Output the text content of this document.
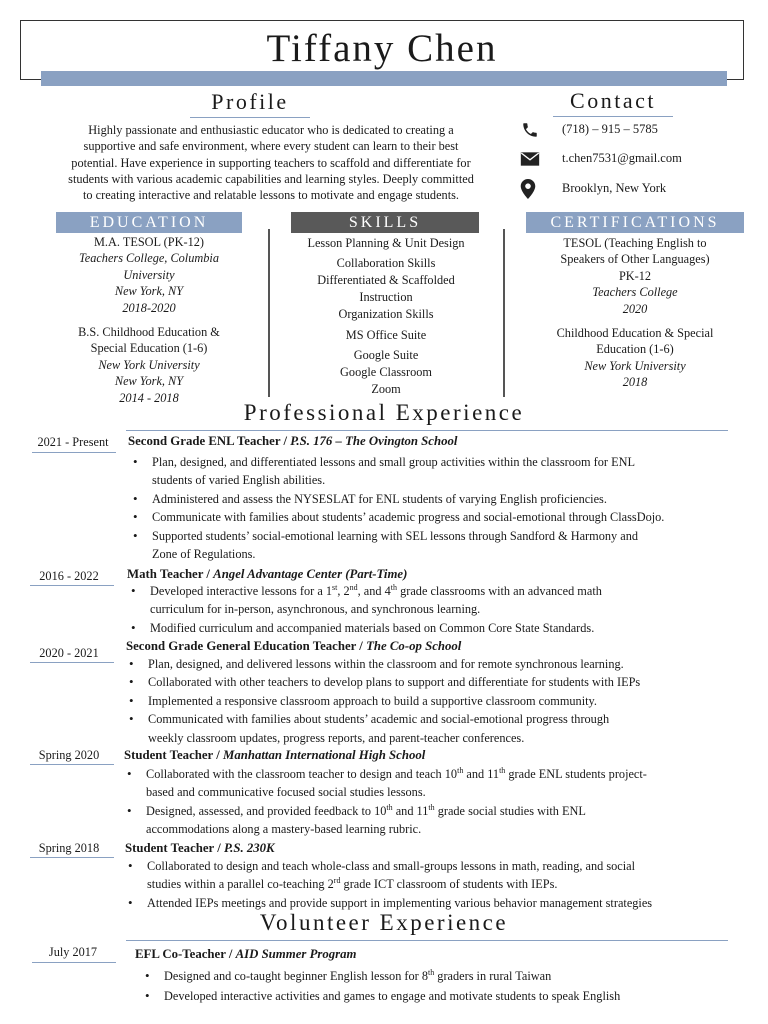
Tiffany Chen
Profile
Highly passionate and enthusiastic educator who is dedicated to creating a
supportive and safe environment, where every student can learn to their best
potential. Have experience in supporting teachers to scaffold and differentiate for
students with various academic capabilities and learning styles. Deeply committed
to creating interactive and relatable lessons to motivate and engage students.
Contact
(718) – 915 – 5785
t.chen7531@gmail.com
Brooklyn, New York
EDUCATION	SKILLS	CERTIFICATIONS
M.A. TESOL (PK-12)
Teachers College, Columbia
University
New York, NY
2018-2020
B.S. Childhood Education &
Special Education (1-6)
New York University
New York, NY
2014 - 2018
Lesson Planning & Unit Design
Collaboration Skills
Differentiated & Scaffolded
Instruction
Organization Skills
MS Office Suite
Google Suite
Google Classroom
Zoom
TESOL (Teaching English to
Speakers of Other Languages)
PK-12
Teachers College
2020
Childhood Education & Special
Education (1-6)
New York University
2018
Professional Experience
2021 - Present	Second Grade ENL Teacher / P.S. 176 – The Ovington School
• Plan, designed, and differentiated lessons and small group activities within the classroom for ENL
students of varied English abilities.
• Administered and assess the NYSESLAT for ENL students of varying English proficiencies.
• Communicate with families about students’ academic progress and social-emotional through ClassDojo.
• Supported students’ social-emotional learning with SEL lessons through Sandford & Harmony and
Zone of Regulations.
2016 - 2022	Math Teacher / Angel Advantage Center (Part-Time)
• Developed interactive lessons for a 1st, 2nd, and 4th grade classrooms with an advanced math
curriculum for in-person, asynchronous, and synchronous learning.
• Modified curriculum and accompanied materials based on Common Core State Standards.
2020 - 2021	Second Grade General Education Teacher / The Co-op School
• Plan, designed, and delivered lessons within the classroom and for remote synchronous learning.
• Collaborated with other teachers to develop plans to support and differentiate for students with IEPs
• Implemented a responsive classroom approach to build a supportive classroom community.
• Communicated with families about students’ academic and social-emotional progress through
weekly classroom updates, progress reports, and parent-teacher conferences.
Spring 2020	Student Teacher / Manhattan International High School
• Collaborated with the classroom teacher to design and teach 10th and 11th grade ENL students project-
based and communicative focused social studies lessons.
• Designed, assessed, and provided feedback to 10th and 11th grade social studies with ENL
accommodations along a mastery-based learning rubric.
Spring 2018	Student Teacher / P.S. 230K
• Collaborated to design and teach whole-class and small-groups lessons in math, reading, and social
studies within a parallel co-teaching 2rd grade ICT classroom of students with IEPs.
• Attended IEPs meetings and provide support in implementing various behavior management strategies
Volunteer Experience
July 2017	EFL Co-Teacher / AID Summer Program
• Designed and co-taught beginner English lesson for 8th graders in rural Taiwan
• Developed interactive activities and games to engage and motivate students to speak English
